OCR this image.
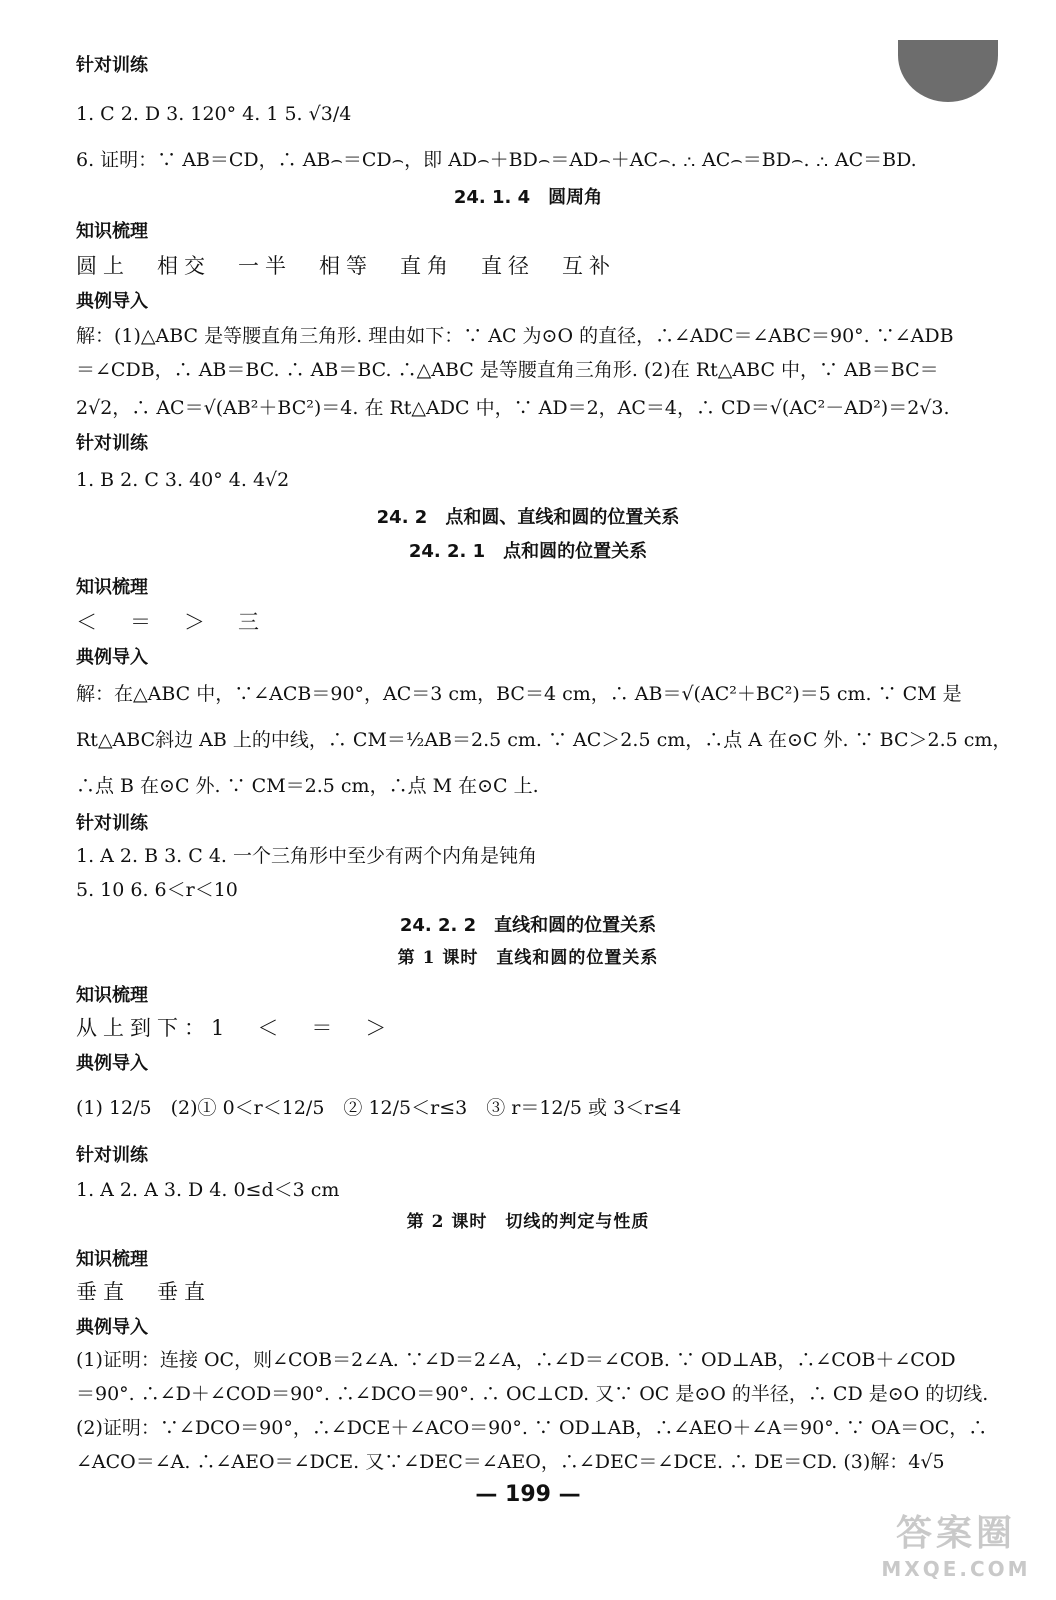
针对训练
1. C 2. D 3. 120° 4. 1 5. √3/4
6. 证明：∵ AB＝CD，∴ AB⌢＝CD⌢，即 AD⌢＋BD⌢＝AD⌢＋AC⌢. ∴ AC⌢＝BD⌢. ∴ AC＝BD.
24. 1. 4　圆周角
知识梳理
圆上　相交　一半　相等　直角　直径　互补
典例导入
解：(1)△ABC 是等腰直角三角形. 理由如下：∵ AC 为⊙O 的直径，∴∠ADC＝∠ABC＝90°. ∵∠ADB
＝∠CDB，∴ AB＝BC. ∴ AB＝BC. ∴△ABC 是等腰直角三角形. (2)在 Rt△ABC 中，∵ AB＝BC＝
2√2，∴ AC＝√(AB²＋BC²)＝4. 在 Rt△ADC 中，∵ AD＝2，AC＝4，∴ CD＝√(AC²－AD²)＝2√3.
针对训练
1. B 2. C 3. 40° 4. 4√2
24. 2　点和圆、直线和圆的位置关系
24. 2. 1　点和圆的位置关系
知识梳理
＜　＝　＞　三
典例导入
解：在△ABC 中，∵∠ACB＝90°，AC＝3 cm，BC＝4 cm，∴ AB＝√(AC²＋BC²)＝5 cm. ∵ CM 是
Rt△ABC斜边 AB 上的中线，∴ CM＝½AB＝2.5 cm. ∵ AC＞2.5 cm，∴点 A 在⊙C 外. ∵ BC＞2.5 cm，
∴点 B 在⊙C 外. ∵ CM＝2.5 cm，∴点 M 在⊙C 上.
针对训练
1. A 2. B 3. C 4. 一个三角形中至少有两个内角是钝角
5. 10 6. 6＜r＜10
24. 2. 2　直线和圆的位置关系
第 1 课时　直线和圆的位置关系
知识梳理
从上到下：1　＜　＝　＞
典例导入
(1) 12/5　(2)① 0＜r＜12/5　② 12/5＜r≤3　③ r＝12/5 或 3＜r≤4
针对训练
1. A 2. A 3. D 4. 0≤d＜3 cm
第 2 课时　切线的判定与性质
知识梳理
垂直　垂直
典例导入
(1)证明：连接 OC，则∠COB＝2∠A. ∵∠D＝2∠A，∴∠D＝∠COB. ∵ OD⊥AB，∴∠COB＋∠COD
＝90°. ∴∠D＋∠COD＝90°. ∴∠DCO＝90°. ∴ OC⊥CD. 又∵ OC 是⊙O 的半径，∴ CD 是⊙O 的切线.
(2)证明：∵∠DCO＝90°，∴∠DCE＋∠ACO＝90°. ∵ OD⊥AB，∴∠AEO＋∠A＝90°. ∵ OA＝OC，∴
∠ACO＝∠A. ∴∠AEO＝∠DCE. 又∵∠DEC＝∠AEO，∴∠DEC＝∠DCE. ∴ DE＝CD. (3)解：4√5
— 199 —
答案圈
MXQE.COM
